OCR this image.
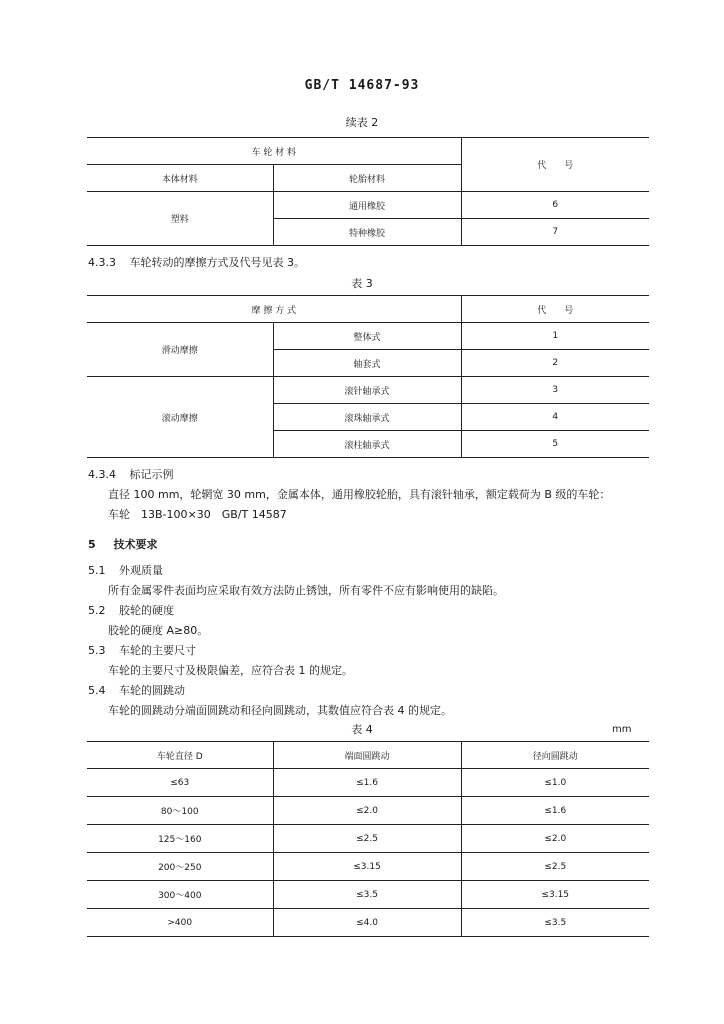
GB/T 14687-93
续表 2
车 轮 材 料		代　　号
本体材料	轮胎材料	
塑料	通用橡胶	6
	特种橡胶	7
4.3.3 车轮转动的摩擦方式及代号见表 3。
表 3
摩 擦 方 式		代　　号
滑动摩擦	整体式	1
	轴套式	2
滚动摩擦	滚针轴承式	3
	滚珠轴承式	4
	滚柱轴承式	5
4.3.4 标记示例
直径 100 mm，轮辋宽 30 mm，金属本体，通用橡胶轮胎，具有滚针轴承，额定载荷为 B 级的车轮：
车轮　13B-100×30　GB/T 14587
5 技术要求
5.1 外观质量
所有金属零件表面均应采取有效方法防止锈蚀，所有零件不应有影响使用的缺陷。
5.2 胶轮的硬度
胶轮的硬度 A≥80。
5.3 车轮的主要尺寸
车轮的主要尺寸及极限偏差，应符合表 1 的规定。
5.4 车轮的圆跳动
车轮的圆跳动分端面圆跳动和径向圆跳动，其数值应符合表 4 的规定。
表 4	mm
车轮直径 D	端面圆跳动	径向圆跳动
≤63	≤1.6	≤1.0
80～100	≤2.0	≤1.6
125～160	≤2.5	≤2.0
200～250	≤3.15	≤2.5
300～400	≤3.5	≤3.15
>400	≤4.0	≤3.5
